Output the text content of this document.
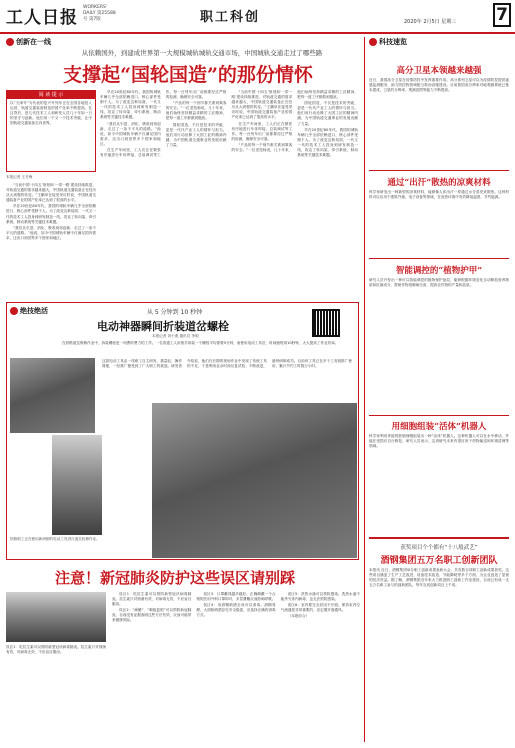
工人日报
WORKERS' DAILY 第25588号 第7版	职工科创	2020年 2月5日 星期三 7
创新在一线
从依赖国外，到建成世界第一大规模城轨城轨交通市场，中国城轨交通走过了哪些路
支撑起“国轮国造”的那份情怀
阅 读 提 示
以“天津号”为代表的复兴号列车正在全国各地投入运营，轨道交通装备制造的国产化率不断提高。在这背后，是几代技术工人和研发人员几十年如一日的坚守与创新。他们用一个又一个技术突破，让中国轨道交通装备走向世界。
本报记者 王冬梅

“当前中国‘十四五’规划和‘一带一路’建设持续推进，对轨道交通的需求越来越大，中国轨道交通装备正在经历从大到强的转变。”王鹏举在接受采访时说，中国轨道交通装备产业的国产化率已达到了很高的水平。

早在20世纪80年代，我国的城轨车辆几乎全部依赖进口，核心部件受制于人。为了改变这种局面，一代又一代的技术工人投身到研发制造一线，攻克了转向架、牵引系统、制动系统等关键技术难题。

“我们从引进、消化、吸收到再创新，走过了一条不平凡的道路。”他说，如今中国城轨车辆不仅满足国内需求，还出口到世界多个国家和地区。

早在20世纪80年代，我国的城轨车辆几乎全部依赖进口，核心部件受制于人。为了改变这种局面，一代又一代的技术工人投身到研发制造一线，攻克了转向架、牵引系统、制动系统等关键技术难题。

“我们从引进、消化、吸收到再创新，走过了一条不平凡的道路。”他说，如今中国城轨车辆不仅满足国内需求，还出口到世界多个国家和地区。

在生产车间里，工人们正在紧张有序地进行车体焊接、总装调试等工作。每一台列车出厂前都要经过严格的检测，确保安全可靠。

“产品的每一个细节都关系到乘客的安全。”一位老技师说，几十年来，他们始终坚持精益求精的工匠精神，把每一道工序都做到极致。

国轮国造，不仅是技术的突破，更是一代代产业工人的情怀与担当。他们用行动诠释了大国工匠的精神内涵，为中国轨道交通事业的发展贡献了力量。

“当前中国‘十四五’规划和‘一带一路’建设持续推进，对轨道交通的需求越来越大，中国轨道交通装备正在经历从大到强的转变。”王鹏举在接受采访时说，中国轨道交通装备产业的国产化率已达到了很高的水平。

在生产车间里，工人们正在紧张有序地进行车体焊接、总装调试等工作。每一台列车出厂前都要经过严格的检测，确保安全可靠。

“产品的每一个细节都关系到乘客的安全。”一位老技师说，几十年来，他们始终坚持精益求精的工匠精神，把每一道工序都做到极致。

国轮国造，不仅是技术的突破，更是一代代产业工人的情怀与担当。他们用行动诠释了大国工匠的精神内涵，为中国轨道交通事业的发展贡献了力量。

早在20世纪80年代，我国的城轨车辆几乎全部依赖进口，核心部件受制于人。为了改变这种局面，一代又一代的技术工人投身到研发制造一线，攻克了转向架、牵引系统、制动系统等关键技术难题。

绝技绝活	从 5 分钟到 10 秒钟
电动神器瞬间折装道岔螺栓
本报记者 刘小燕 通讯员 李明
在铁路道岔维修作业中，拆装螺栓是一项费时费力的工作。一名普通工人用扳手拆装一个螺栓平均需要5分钟，而使用电动工具后，时间缩短到10秒钟，大大提高了作业效率。
铁路职工正在使用新研制的电动工具进行道岔检修作业。
这款电动工具由一线职工自主研发，重量轻、操作简便，一经推广便受到了广大职工的欢迎。研发者介绍说，他们在长期的现场作业中发现了传统工具的不足，于是利用业余时间反复试验、不断改进，最终研制成功。目前该工具已在多个工务段推广使用，累计节约工时数万小时。
注意！新冠肺炎防护这些误区请别踩
误区1：吃抗生素可以预防新型冠状病毒肺炎。抗生素只对细菌有效，对病毒无效，不应盲目服用。

误区1：吃抗生素可以预防新型冠状病毒肺炎。抗生素只对细菌有效，对病毒无效，不应盲目服用。

误区2：“熏醋”、“喝板蓝根”可以预防新冠肺炎。目前没有证据表明这些方法有效，反而可能带来健康风险。

误区3：口罩戴得越多越好。正确佩戴一个合格的医用外科口罩即可，多层叠戴反而影响呼吸。

误区4：用酒精喷洒全身可以消毒。酒精易燃，大面积喷洒存在安全隐患，应选择正确的消毒方式。

误区5：洗热水澡可以预防感染。洗热水澡不能杀灭体内病毒，也无法预防感染。

误区6：室内要完全封闭不开窗。保持室内空气流通是非常重要的，应定期开窗通风。

（本报综合）

科技速览
高分卫星本领越来越强
近日，我国高分卫星在疫情防控中发挥重要作用。高分系列卫星可以为疫情防控提供遥感监测服务，助力防控物资调配与救治设施建设。目前我国高分辨率对地观测系统已基本建成，卫星的分辨率、观测范围等能力不断提高。
通过“出汗”散热的凉爽材料
科学家研发出一种新型的凉爽材料，能够像人体出汗一样通过水分蒸发来散热。这种材料可以应用于建筑外墙、电子设备等领域，在炎热环境中有效降低温度，节约能源。
智能调控的“植物护甲”
研究人员开发出一种可以智能调控的植物保护涂层，能够根据环境变化自动释放营养物质和抗菌成分，帮助作物抵御病虫害，提高农作物的产量和品质。
用细胞组装“活体”机器人
科学家利用青蛙的胚胎细胞组装出一种“活体”机器人。这种机器人可以在水中移动，并能在受损后自行修复。研究人员表示，这项研究未来有望应用于药物输送和环境清理等领域。
获奖项目个个都有“十八般武艺”
酒钢集团五万名职工创新团队
本报讯 近日，酒钢集团举办职工创新成果表彰大会，共有数百项职工创新成果获奖。这些项目涵盖了生产工艺改进、设备技术改造、节能降耗等多个方面，为企业创造了显著的经济效益。据了解，酒钢集团近年来大力推进职工创新工作室建设，目前已形成一支五万名职工参与的创新团队，每年完成创新项目上千项。
